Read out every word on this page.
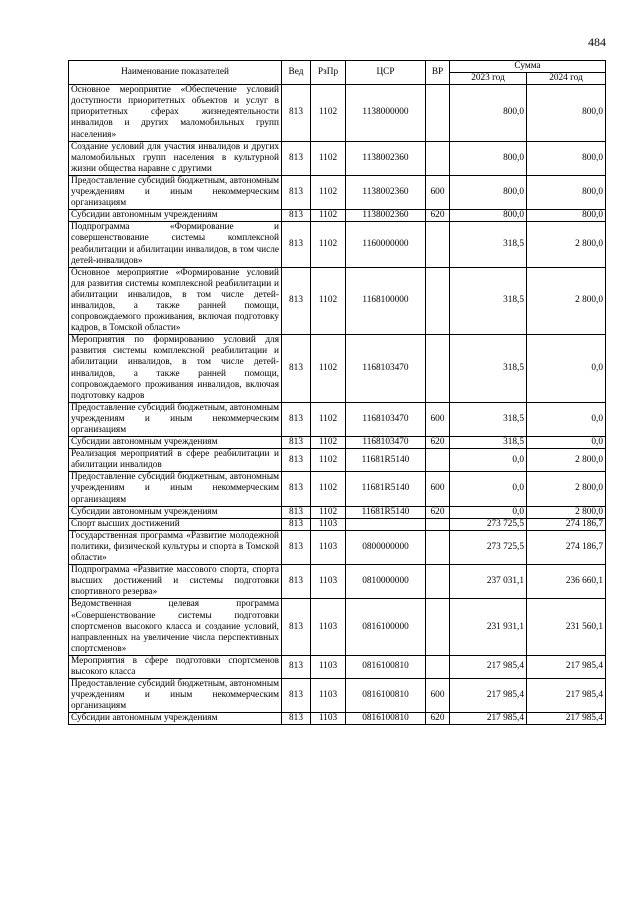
484
Наименование показателей	Вед	РзПр	ЦСР	ВР	Сумма	
					2023 год	2024 год
Основное мероприятие «Обеспечение условий доступности приоритетных объектов и услуг в приоритетных сферах жизнедеятельности инвалидов и других маломобильных групп населения»	813	1102	1138000000		800,0	800,0
Создание условий для участия инвалидов и других маломобильных групп населения в культурной жизни общества наравне с другими	813	1102	1138002360		800,0	800,0
Предоставление субсидий бюджетным, автономным учреждениям и иным некоммерческим организациям	813	1102	1138002360	600	800,0	800,0
Субсидии автономным учреждениям	813	1102	1138002360	620	800,0	800,0
Подпрограмма «Формирование и совершенствование системы комплексной реабилитации и абилитации инвалидов, в том числе детей-инвалидов»	813	1102	1160000000		318,5	2 800,0
Основное мероприятие «Формирование условий для развития системы комплексной реабилитации и абилитации инвалидов, в том числе детей-инвалидов, а также ранней помощи, сопровождаемого проживания, включая подготовку кадров, в Томской области»	813	1102	1168100000		318,5	2 800,0
Мероприятия по формированию условий для развития системы комплексной реабилитации и абилитации инвалидов, в том числе детей-инвалидов, а также ранней помощи, сопровождаемого проживания инвалидов, включая подготовку кадров	813	1102	1168103470		318,5	0,0
Предоставление субсидий бюджетным, автономным учреждениям и иным некоммерческим организациям	813	1102	1168103470	600	318,5	0,0
Субсидии автономным учреждениям	813	1102	1168103470	620	318,5	0,0
Реализация мероприятий в сфере реабилитации и абилитации инвалидов	813	1102	11681R5140		0,0	2 800,0
Предоставление субсидий бюджетным, автономным учреждениям и иным некоммерческим организациям	813	1102	11681R5140	600	0,0	2 800,0
Субсидии автономным учреждениям	813	1102	11681R5140	620	0,0	2 800,0
Спорт высших достижений	813	1103			273 725,5	274 186,7
Государственная программа «Развитие молодежной политики, физической культуры и спорта в Томской области»	813	1103	0800000000		273 725,5	274 186,7
Подпрограмма «Развитие массового спорта, спорта высших достижений и системы подготовки спортивного резерва»	813	1103	0810000000		237 031,1	236 660,1
Ведомственная целевая программа «Совершенствование системы подготовки спортсменов высокого класса и создание условий, направленных на увеличение числа перспективных спортсменов»	813	1103	0816100000		231 931,1	231 560,1
Мероприятия в сфере подготовки спортсменов высокого класса	813	1103	0816100810		217 985,4	217 985,4
Предоставление субсидий бюджетным, автономным учреждениям и иным некоммерческим организациям	813	1103	0816100810	600	217 985,4	217 985,4
Субсидии автономным учреждениям	813	1103	0816100810	620	217 985,4	217 985,4
